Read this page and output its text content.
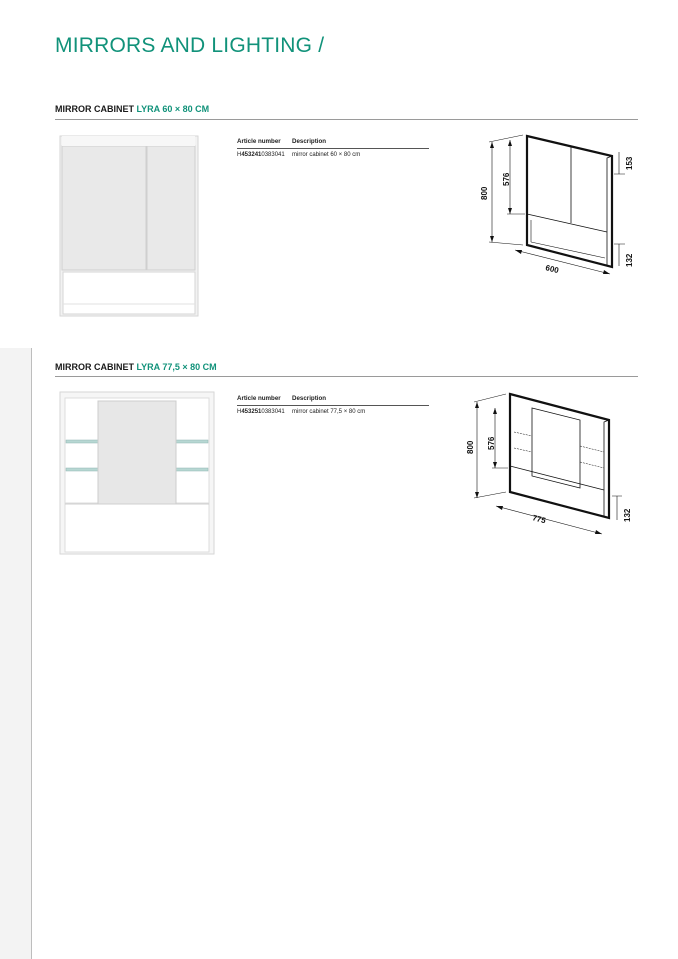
MIRRORS AND LIGHTING /
MIRROR CABINET LYRA 60 × 80 CM
Article number	Description
H4532410383041	mirror cabinet 60 × 80 cm
800
576
153
132
600
MIRROR CABINET LYRA 77,5 × 80 CM
Article number	Description
H4532510383041	mirror cabinet 77,5 × 80 cm
800 576
132
775
